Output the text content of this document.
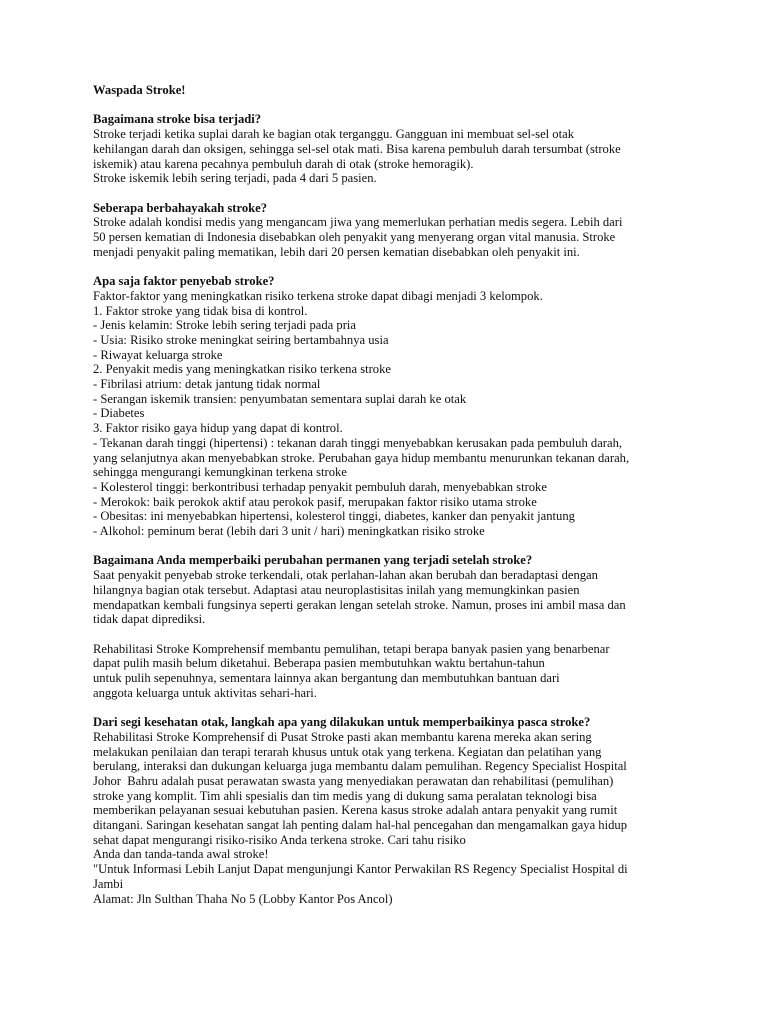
Waspada Stroke!
Bagaimana stroke bisa terjadi?
Stroke terjadi ketika suplai darah ke bagian otak terganggu. Gangguan ini membuat sel-sel otak
kehilangan darah dan oksigen, sehingga sel-sel otak mati. Bisa karena pembuluh darah tersumbat (stroke
iskemik) atau karena pecahnya pembuluh darah di otak (stroke hemoragik).
Stroke iskemik lebih sering terjadi, pada 4 dari 5 pasien.
Seberapa berbahayakah stroke?
Stroke adalah kondisi medis yang mengancam jiwa yang memerlukan perhatian medis segera. Lebih dari
50 persen kematian di Indonesia disebabkan oleh penyakit yang menyerang organ vital manusia. Stroke
menjadi penyakit paling mematikan, lebih dari 20 persen kematian disebabkan oleh penyakit ini.
Apa saja faktor penyebab stroke?
Faktor-faktor yang meningkatkan risiko terkena stroke dapat dibagi menjadi 3 kelompok.
1. Faktor stroke yang tidak bisa di kontrol.
- Jenis kelamin: Stroke lebih sering terjadi pada pria
- Usia: Risiko stroke meningkat seiring bertambahnya usia
- Riwayat keluarga stroke
2. Penyakit medis yang meningkatkan risiko terkena stroke
- Fibrilasi atrium: detak jantung tidak normal
- Serangan iskemik transien: penyumbatan sementara suplai darah ke otak
- Diabetes
3. Faktor risiko gaya hidup yang dapat di kontrol.
- Tekanan darah tinggi (hipertensi) : tekanan darah tinggi menyebabkan kerusakan pada pembuluh darah,
yang selanjutnya akan menyebabkan stroke. Perubahan gaya hidup membantu menurunkan tekanan darah,
sehingga mengurangi kemungkinan terkena stroke
- Kolesterol tinggi: berkontribusi terhadap penyakit pembuluh darah, menyebabkan stroke
- Merokok: baik perokok aktif atau perokok pasif, merupakan faktor risiko utama stroke
- Obesitas: ini menyebabkan hipertensi, kolesterol tinggi, diabetes, kanker dan penyakit jantung
- Alkohol: peminum berat (lebih dari 3 unit / hari) meningkatkan risiko stroke
Bagaimana Anda memperbaiki perubahan permanen yang terjadi setelah stroke?
Saat penyakit penyebab stroke terkendali, otak perlahan-lahan akan berubah dan beradaptasi dengan
hilangnya bagian otak tersebut. Adaptasi atau neuroplastisitas inilah yang memungkinkan pasien
mendapatkan kembali fungsinya seperti gerakan lengan setelah stroke. Namun, proses ini ambil masa dan
tidak dapat diprediksi.
Rehabilitasi Stroke Komprehensif membantu pemulihan, tetapi berapa banyak pasien yang benarbenar
dapat pulih masih belum diketahui. Beberapa pasien membutuhkan waktu bertahun-tahun
untuk pulih sepenuhnya, sementara lainnya akan bergantung dan membutuhkan bantuan dari
anggota keluarga untuk aktivitas sehari-hari.
Dari segi kesehatan otak, langkah apa yang dilakukan untuk memperbaikinya pasca stroke?
Rehabilitasi Stroke Komprehensif di Pusat Stroke pasti akan membantu karena mereka akan sering
melakukan penilaian dan terapi terarah khusus untuk otak yang terkena. Kegiatan dan pelatihan yang
berulang, interaksi dan dukungan keluarga juga membantu dalam pemulihan. Regency Specialist Hospital
Johor  Bahru adalah pusat perawatan swasta yang menyediakan perawatan dan rehabilitasi (pemulihan)
stroke yang komplit. Tim ahli spesialis dan tim medis yang di dukung sama peralatan teknologi bisa
memberikan pelayanan sesuai kebutuhan pasien. Kerena kasus stroke adalah antara penyakit yang rumit
ditangani. Saringan kesehatan sangat lah penting dalam hal-hal pencegahan dan mengamalkan gaya hidup
sehat dapat mengurangi risiko-risiko Anda terkena stroke. Cari tahu risiko
Anda dan tanda-tanda awal stroke!
"Untuk Informasi Lebih Lanjut Dapat mengunjungi Kantor Perwakilan RS Regency Specialist Hospital di
Jambi
Alamat: Jln Sulthan Thaha No 5 (Lobby Kantor Pos Ancol)
